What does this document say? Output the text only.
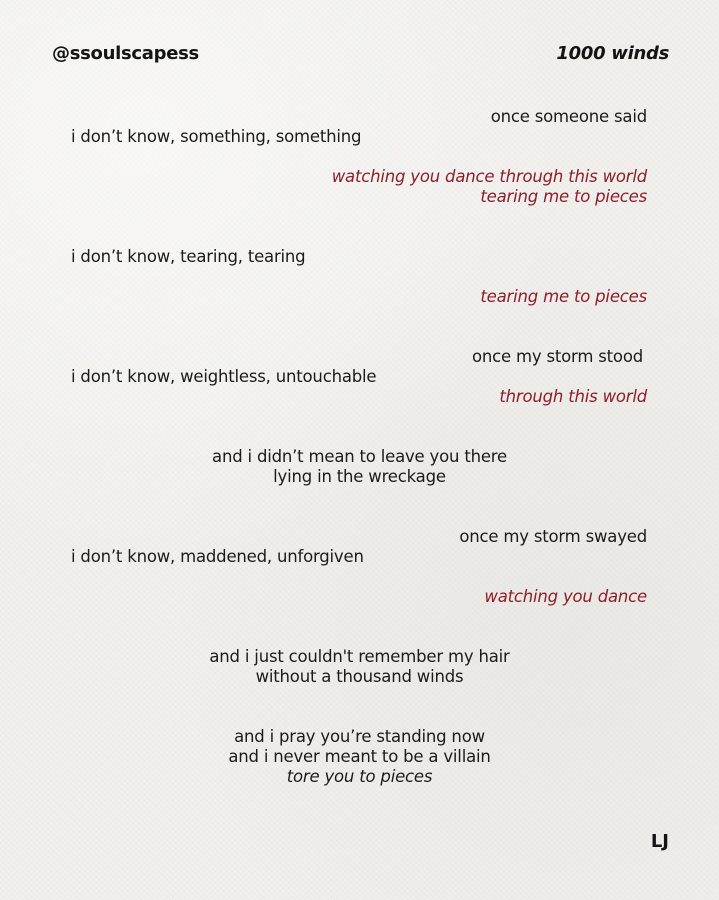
@ssoulscapess	1000 winds
once someone said
i don’t know, something, something
watching you dance through this world
tearing me to pieces
i don’t know, tearing, tearing
tearing me to pieces
once my storm stood
i don’t know, weightless, untouchable
through this world
and i didn’t mean to leave you there
lying in the wreckage
once my storm swayed
i don’t know, maddened, unforgiven
watching you dance
and i just couldn't remember my hair
without a thousand winds
and i pray you’re standing now
and i never meant to be a villain
tore you to pieces
LJ
